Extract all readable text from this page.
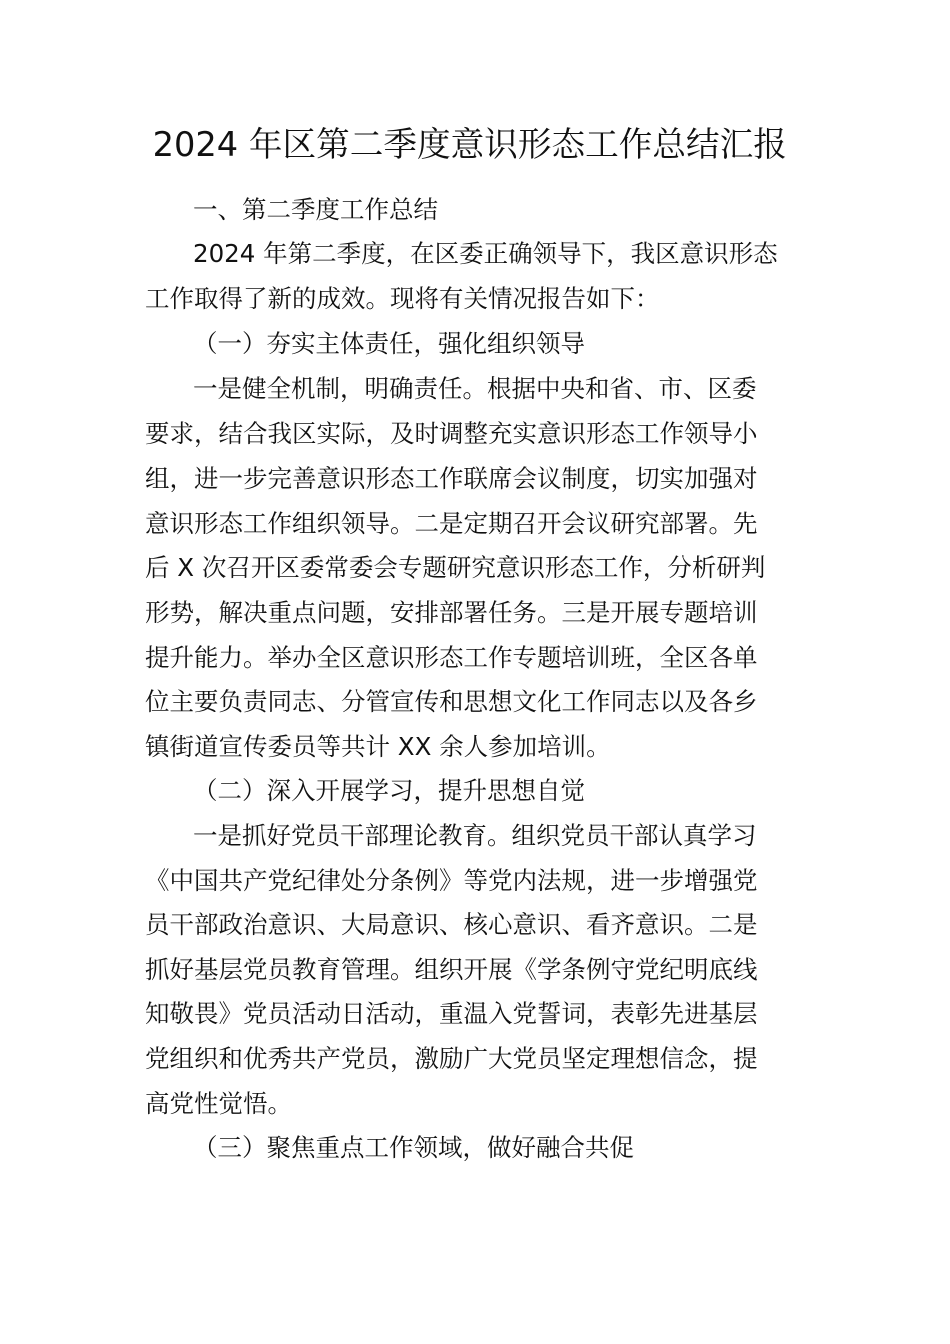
2024 年区第二季度意识形态工作总结汇报
一、第二季度工作总结
2024 年第二季度，在区委正确领导下，我区意识形态
工作取得了新的成效。现将有关情况报告如下：
（一）夯实主体责任，强化组织领导
一是健全机制，明确责任。根据中央和省、市、区委
要求，结合我区实际，及时调整充实意识形态工作领导小
组，进一步完善意识形态工作联席会议制度，切实加强对
意识形态工作组织领导。二是定期召开会议研究部署。先
后 X 次召开区委常委会专题研究意识形态工作，分析研判
形势，解决重点问题，安排部署任务。三是开展专题培训
提升能力。举办全区意识形态工作专题培训班，全区各单
位主要负责同志、分管宣传和思想文化工作同志以及各乡
镇街道宣传委员等共计 XX 余人参加培训。
（二）深入开展学习，提升思想自觉
一是抓好党员干部理论教育。组织党员干部认真学习
《中国共产党纪律处分条例》等党内法规，进一步增强党
员干部政治意识、大局意识、核心意识、看齐意识。二是
抓好基层党员教育管理。组织开展《学条例守党纪明底线
知敬畏》党员活动日活动，重温入党誓词，表彰先进基层
党组织和优秀共产党员，激励广大党员坚定理想信念，提
高党性觉悟。
（三）聚焦重点工作领域，做好融合共促
